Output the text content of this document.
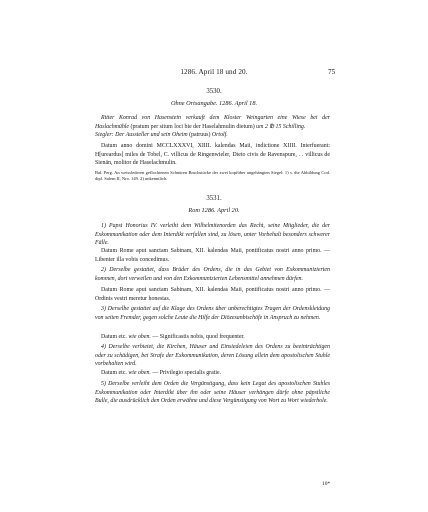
1286. April 18 und 20.	75
3530.
Ohne Ortsangabe. 1286. April 18.
Ritter Konrad von Hasenstein verkauft dem Kloster Weingarten eine Wiese bei der Haslachmühle (pratum per situm loci bie der Haselahmulin dietum) um 2 ℔ 15 Schilling.
Siegler: Der Aussteller und sein Oheim (patruus) Ortolf.
Datum anno domini MCCLXXXVI, XIIII. kalendas Maii, indictione XIIII. Interfuerant: H[ureardus] miles de Tobel, C. villicus de Ringenwieler, Dieto civis de Ravenspure, . . villicus de Sienän, molitor de Haselachmulin.
Bal. Perg. An weisslederen geflochtenen Schnüren Bruchstücke der zwei kopfüber angehängten Siegel: 1) s. die Abbildung Cod. dipl. Salem II, Nro. 149. 2) unkenntlich.
3531.
Rom 1286. April 20.
1) Papst Honorius IV. verleiht dem Wilhelmitenorden das Recht, seine Mitglieder, die der Exkommunikation oder dem Interdikt verfallen sind, zu lösen, unter Vorbehalt besonders schwerer Fälle.
Datum Rome aput sanctam Sabinam, XII. kalendas Maii, pontificatus nostri anno primo. — Libenter illa vobis concedimus.
2) Derselbe gestattet, dass Brüder des Ordens, die in das Gebiet von Exkommunizierten kommen, dort verweilen und von den Exkommunizierten Lebensmittel annehmen dürfen.
Datum Rome aput sanctam Sabinam, XII. kalendas Maii, pontificatus nostri anno primo. — Ordinis vestri meretur honestas.
3) Derselbe gestattet auf die Klage des Ordens über unberechtigtes Tragen der Ordenskleidung von seiten Fremder, gegen solche Leute die Hilfe der Diözesanbischöfe in Anspruch zu nehmen.
Datum etc. wie oben. — Significastis nobis, quod frequenter.
4) Derselbe verbietet, die Kirchen, Häuser und Einsiedeleien des Ordens zu beeinträchtigen oder zu schädigen, bei Strafe der Exkommunikation, deren Lösung allein dem apostolischen Stuhle vorbehalten wird.
Datum etc. wie oben. — Privilegio specialis gratie.
5) Derselbe verleiht dem Orden die Vergünstigung, dass kein Legat des apostolischen Stuhles Exkommunikation oder Interdikt über ihn oder seine Häuser verhängen dürfe ohne päpstliche Bulle, die ausdrücklich den Orden erwähne und diese Vergünstigung von Wort zu Wort wiederhole.
10*
